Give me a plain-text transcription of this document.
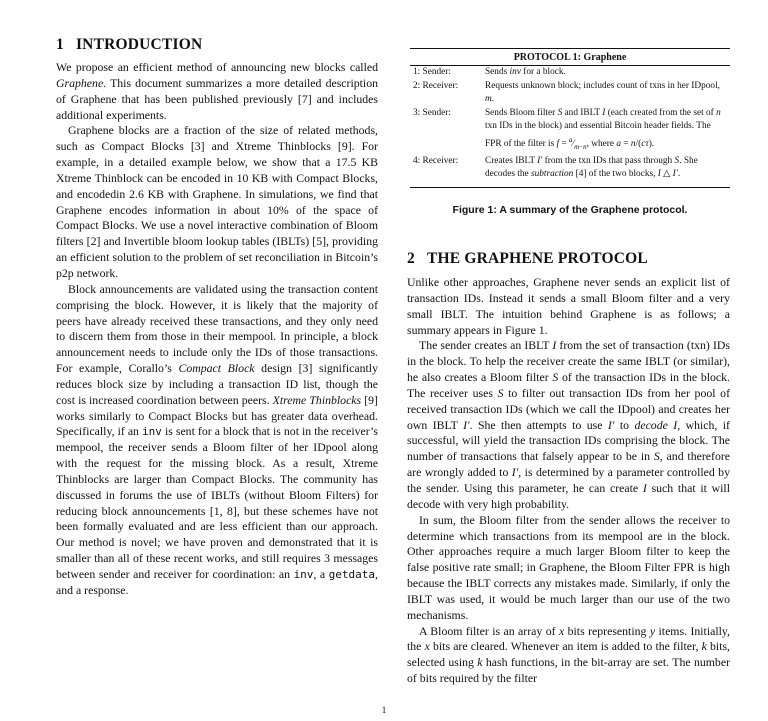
1 INTRODUCTION

We propose an efficient method of announcing new blocks called Graphene. This document summarizes a more detailed description of Graphene that has been published previously [7] and includes additional experiments.

Graphene blocks are a fraction of the size of related methods, such as Compact Blocks [3] and Xtreme Thinblocks [9]. For example, in a detailed example below, we show that a 17.5 KB Xtreme Thinblock can be encoded in 10 KB with Compact Blocks, and encodedin 2.6 KB with Graphene. In simulations, we find that Graphene encodes information in about 10% of the space of Compact Blocks. We use a novel interactive combination of Bloom filters [2] and Invertible bloom lookup tables (IBLTs) [5], providing an efficient solution to the problem of set reconciliation in Bitcoin’s p2p network.

Block announcements are validated using the transaction content comprising the block. However, it is likely that the majority of peers have already received these transactions, and they only need to discern them from those in their mempool. In principle, a block announcement needs to include only the IDs of those transactions. For example, Corallo’s Compact Block design [3] significantly reduces block size by including a transaction ID list, though the cost is increased coordination between peers. Xtreme Thinblocks [9] works similarly to Compact Blocks but has greater data overhead. Specifically, if an inv is sent for a block that is not in the receiver’s mempool, the receiver sends a Bloom filter of her IDpool along with the request for the missing block. As a result, Xtreme Thinblocks are larger than Compact Blocks. The community has discussed in forums the use of IBLTs (without Bloom Filters) for reducing block announcements [1, 8], but these schemes have not been formally evaluated and are less efficient than our approach. Our method is novel; we have proven and demonstrated that it is smaller than all of these recent works, and still requires 3 messages between sender and receiver for coordination: an inv, a getdata, and a response.

PROTOCOL 1: Graphene
1: Sender:	Sends inv for a block.
2: Receiver:	Requests unknown block; includes count of txns in her IDpool, m.
3: Sender:	Sends Bloom filter S and IBLT I (each created from the set of n txn IDs in the block) and essential Bitcoin header fields. The FPR of the filter is $f = ^a⁄_{m-n}$, where a = n/(cτ).
4: Receiver:	Creates IBLT I′ from the txn IDs that pass through S. She decodes the subtraction [4] of the two blocks, I △ I′.
Figure 1: A summary of the Graphene protocol.
2 THE GRAPHENE PROTOCOL

Unlike other approaches, Graphene never sends an explicit list of transaction IDs. Instead it sends a small Bloom filter and a very small IBLT. The intuition behind Graphene is as follows; a summary appears in Figure 1.

The sender creates an IBLT I from the set of transaction (txn) IDs in the block. To help the receiver create the same IBLT (or similar), he also creates a Bloom filter S of the transaction IDs in the block. The receiver uses S to filter out transaction IDs from her pool of received transaction IDs (which we call the IDpool) and creates her own IBLT I′. She then attempts to use I′ to decode I, which, if successful, will yield the transaction IDs comprising the block. The number of transactions that falsely appear to be in S, and therefore are wrongly added to I′, is determined by a parameter controlled by the sender. Using this parameter, he can create I such that it will decode with very high probability.

In sum, the Bloom filter from the sender allows the receiver to determine which transactions from its mempool are in the block. Other approaches require a much larger Bloom filter to keep the false positive rate small; in Graphene, the Bloom Filter FPR is high because the IBLT corrects any mistakes made. Similarly, if only the IBLT was used, it would be much larger than our use of the two mechanisms.

A Bloom filter is an array of x bits representing y items. Initially, the x bits are cleared. Whenever an item is added to the filter, k bits, selected using k hash functions, in the bit-array are set. The number of bits required by the filter

1
